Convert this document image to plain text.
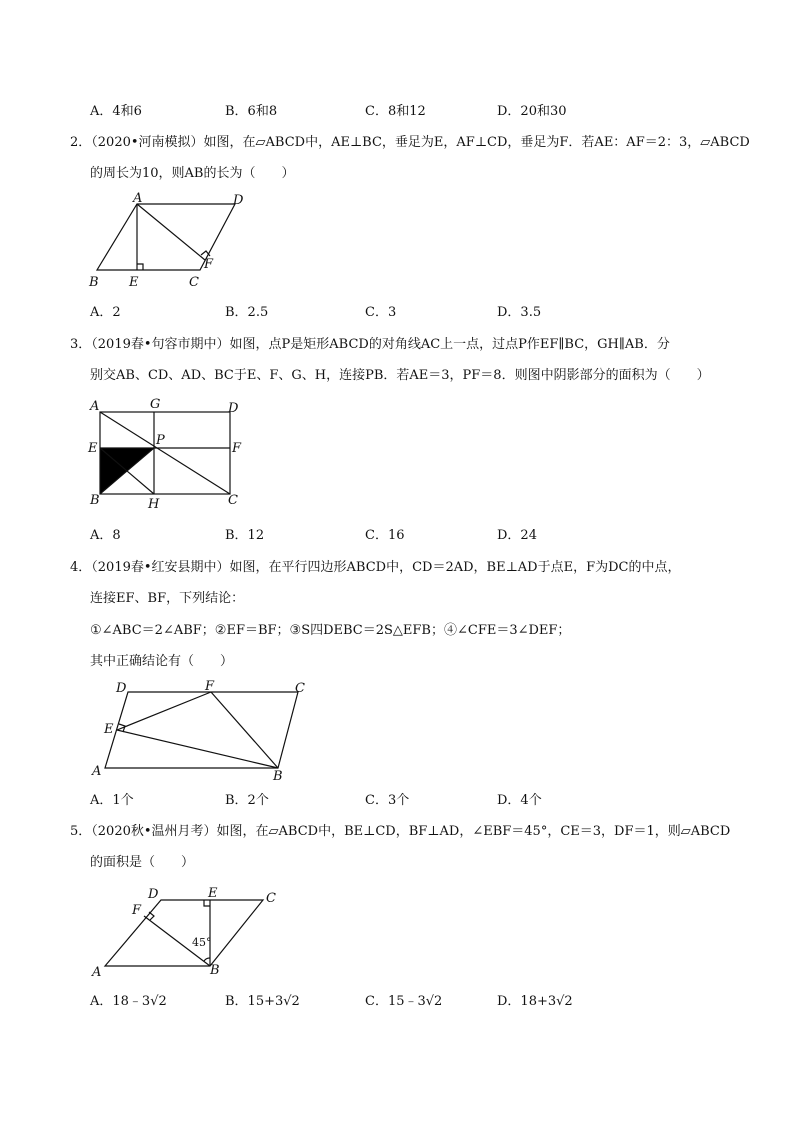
A．4和6	B．6和8	C．8和12	D．20和30
2．（2020•河南模拟）如图，在▱ABCD中，AE⊥BC，垂足为E，AF⊥CD，垂足为F．若AE：AF＝2：3，▱ABCD
的周长为10，则AB的长为（　　）
A	D
B E	C
F
A．2	B．2.5	C．3	D．3.5
3．（2019春•句容市期中）如图，点P是矩形ABCD的对角线AC上一点，过点P作EF∥BC，GH∥AB．分
别交AB、CD、AD、BC于E、F、G、H，连接PB．若AE＝3，PF＝8．则图中阴影部分的面积为（　　）
A	G	D
E
P
F
B	H	C
A．8	B．12	C．16	D．24
4．（2019春•红安县期中）如图，在平行四边形ABCD中，CD＝2AD，BE⊥AD于点E，F为DC的中点，
连接EF、BF，下列结论：
①∠ABC＝2∠ABF；②EF＝BF；③S四DEBC＝2S△EFB；④∠CFE＝3∠DEF；
其中正确结论有（　　）
D	F	C
E
A	B
A．1个	B．2个	C．3个	D．4个
5．（2020秋•温州月考）如图，在▱ABCD中，BE⊥CD，BF⊥AD，∠EBF＝45°，CE＝3，DF＝1，则▱ABCD
的面积是（　　）
D	E	C
F
A	B
45°
A．18﹣3√2	B．15+3√2	C．15﹣3√2	D．18+3√2
